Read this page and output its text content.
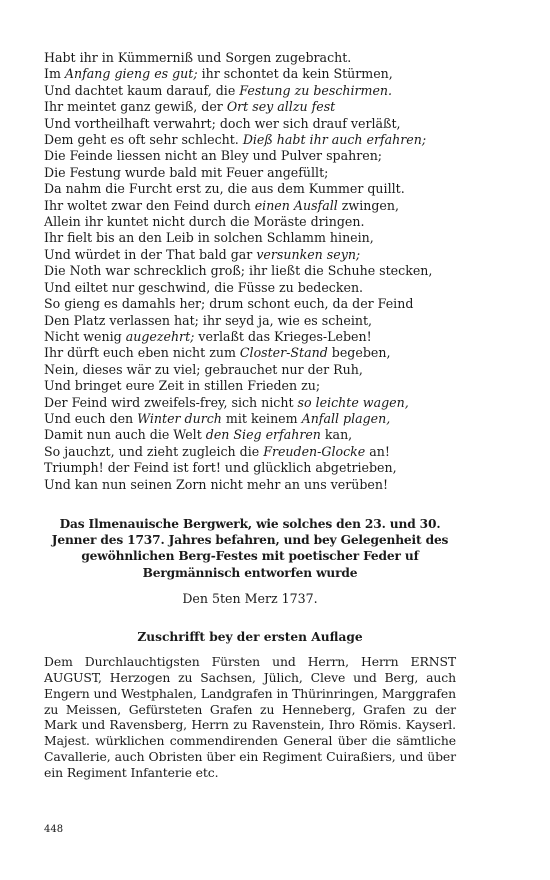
Habt ihr in Kümmerniß und Sorgen zugebracht.
Im Anfang gieng es gut; ihr schontet da kein Stürmen,
Und dachtet kaum darauf, die Festung zu beschirmen.
Ihr meintet ganz gewiß, der Ort sey allzu fest
Und vortheilhaft verwahrt; doch wer sich drauf verläßt,
Dem geht es oft sehr schlecht. Dieß habt ihr auch erfahren;
Die Feinde liessen nicht an Bley und Pulver spahren;
Die Festung wurde bald mit Feuer angefüllt;
Da nahm die Furcht erst zu, die aus dem Kummer quillt.
Ihr woltet zwar den Feind durch einen Ausfall zwingen,
Allein ihr kuntet nicht durch die Moräste dringen.
Ihr fielt bis an den Leib in solchen Schlamm hinein,
Und würdet in der That bald gar versunken seyn;
Die Noth war schrecklich groß; ihr ließt die Schuhe stecken,
Und eiltet nur geschwind, die Füsse zu bedecken.
So gieng es damahls her; drum schont euch, da der Feind
Den Platz verlassen hat; ihr seyd ja, wie es scheint,
Nicht wenig augezehrt; verlaßt das Krieges-Leben!
Ihr dürft euch eben nicht zum Closter-Stand begeben,
Nein, dieses wär zu viel; gebrauchet nur der Ruh,
Und bringet eure Zeit in stillen Frieden zu;
Der Feind wird zweifels-frey, sich nicht so leichte wagen,
Und euch den Winter durch mit keinem Anfall plagen,
Damit nun auch die Welt den Sieg erfahren kan,
So jauchzt, und zieht zugleich die Freuden-Glocke an!
Triumph! der Feind ist fort! und glücklich abgetrieben,
Und kan nun seinen Zorn nicht mehr an uns verüben!
Das Ilmenauische Bergwerk, wie solches den 23. und 30. Jenner des 1737. Jahres befahren, und bey Gelegenheit des gewöhnlichen Berg-Festes mit poetischer Feder uf Bergmännisch entworfen wurde
Den 5ten Merz 1737.
Zuschrifft bey der ersten Auflage
Dem Durchlauchtigsten Fürsten und Herrn, Herrn ERNST AUGUST, Herzogen zu Sachsen, Jülich, Cleve und Berg, auch Engern und Westphalen, Landgrafen in Thürinringen, Marggrafen zu Meissen, Gefürsteten Grafen zu Henneberg, Grafen zu der Mark und Ravensberg, Herrn zu Ravenstein, Ihro Römis. Kayserl. Majest. würklichen commendirenden General über die sämtliche Cavallerie, auch Obristen über ein Regiment Cuiraßiers, und über ein Regiment Infanterie etc.
448
